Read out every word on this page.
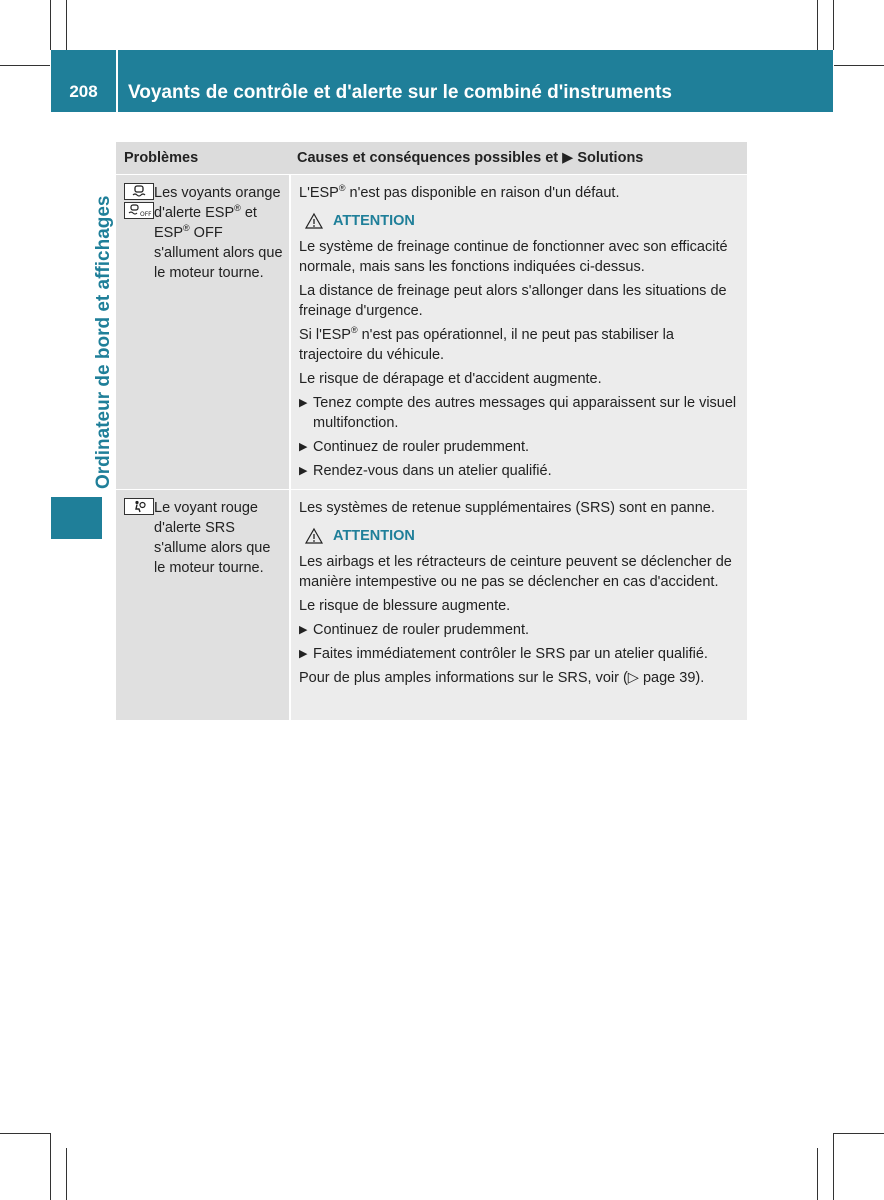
208	Voyants de contrôle et d'alerte sur le combiné d'instruments
Ordinateur de bord et affichages
Problèmes	Causes et conséquences possibles et ▶ Solutions
OFF
Les voyants orange d'alerte ESP® et ESP® OFF s'allument alors que le moteur tourne.

L'ESP® n'est pas disponible en raison d'un défaut.

ATTENTION

Le système de freinage continue de fonctionner avec son efficacité normale, mais sans les fonctions indiquées ci-dessus.

La distance de freinage peut alors s'allonger dans les situations de freinage d'urgence.

Si l'ESP® n'est pas opérationnel, il ne peut pas stabiliser la trajectoire du véhicule.

Le risque de dérapage et d'accident augmente.

▶ Tenez compte des autres messages qui apparaissent sur le visuel multifonction.
▶ Continuez de rouler prudemment.
▶ Rendez-vous dans un atelier qualifié.
Le voyant rouge d'alerte SRS s'allume alors que le moteur tourne.

Les systèmes de retenue supplémentaires (SRS) sont en panne.

ATTENTION

Les airbags et les rétracteurs de ceinture peuvent se déclencher de manière intempestive ou ne pas se déclencher en cas d'accident.

Le risque de blessure augmente.

▶ Continuez de rouler prudemment.
▶ Faites immédiatement contrôler le SRS par un atelier qualifié.

Pour de plus amples informations sur le SRS, voir (▷ page 39).
